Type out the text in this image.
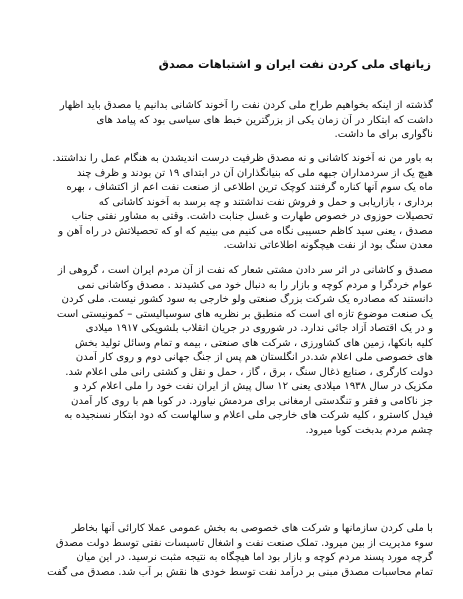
زیانهای ملی کردن نفت ایران و اشتباهات مصدق
گذشته از اینکه بخواهیم طراح ملی کردن نفت را آخوند کاشانی بدانیم یا مصدق باید اظهار
داشت که ابتکار در آن زمان یکی از بزرگترین خبط های سیاسی بود که پیامد های
ناگواری برای ما داشت.
به باور من نه آخوند کاشانی و نه مصدق ظرفیت درست اندیشدن به هنگام عمل را نداشتند.
هیچ یک از سردمداران جبهه ملی که بنیانگذاران آن در ابتدای ۱۹ تن بودند و ظرف چند
ماه یک سوم آنها کناره گرفتند کوچک ترین اطلاعی از صنعت نفت اعم از اکتشاف ، بهره
برداری ، بازاریابی و حمل و فروش نفت نداشتند و چه برسد به آخوند کاشانی که
تحصیلات حوزوی در خصوص طهارت و غسل جنابت داشت. وقتی به مشاور نفتی جناب
مصدق ، یعنی سید کاظم حسیبی نگاه می کنیم می بینیم که او که تحصیلاتش در راه آهن و
معدن سنگ بود از نفت هیچگونه اطلاعاتی نداشت.
مصدق و کاشانی در اثر سر دادن مشتی شعار که نفت از آن مردم ایران است ، گروهی از
عوام خردگرا و مردم کوچه و بازار را به دنبال خود می کشیدند . مصدق وکاشانی نمی
دانستند که مصادره یک شرکت بزرگ صنعتی ولو خارجی به سود کشور نیست. ملی کردن
یک صنعت موضوع تازه ای است که منطبق بر نظریه های سوسیالیستی – کمونیستی است
و در یک اقتصاد آزاد جائی ندارد. در شوروی در جریان انقلاب بلشویکی ۱۹۱۷ میلادی
کلیه بانکها، زمین های کشاورزی ، شرکت های صنعتی ، بیمه و تمام وسائل تولید بخش
های خصوصی ملی اعلام شد.در انگلستان هم پس از جنگ جهانی دوم و روی کار آمدن
دولت کارگری ، صنایع ذغال سنگ ، برق ، گاز ، حمل و نقل و کشتی رانی ملی اعلام شد.
مکزیک در سال ۱۹۳۸ میلادی یعنی ۱۲ سال پیش از ایران نفت خود را ملی اعلام کرد و
جز ناکامی و فقر و تنگدستی ارمغانی برای مردمش نیاورد. در کوبا هم با روی کار آمدن
فیدل کاسترو ، کلیه شرکت های خارجی ملی اعلام و سالهاست که دود ابتکار نسنجیده به
چشم مردم بدبخت کوبا میرود.
با ملی کردن سازمانها و شرکت های خصوصی به بخش عمومی عملا کارائی آنها بخاطر
سوء مدیریت از بین میرود. تملک صنعت نفت و اشغال تاسیسات نفتی توسط دولت مصدق
گرچه مورد پسند مردم کوچه و بازار بود اما هیچگاه به نتیجه مثبت نرسید. در این میان
تمام محاسبات مصدق مبنی بر درآمد نفت توسط خودی ها نقش بر آب شد. مصدق می گفت
